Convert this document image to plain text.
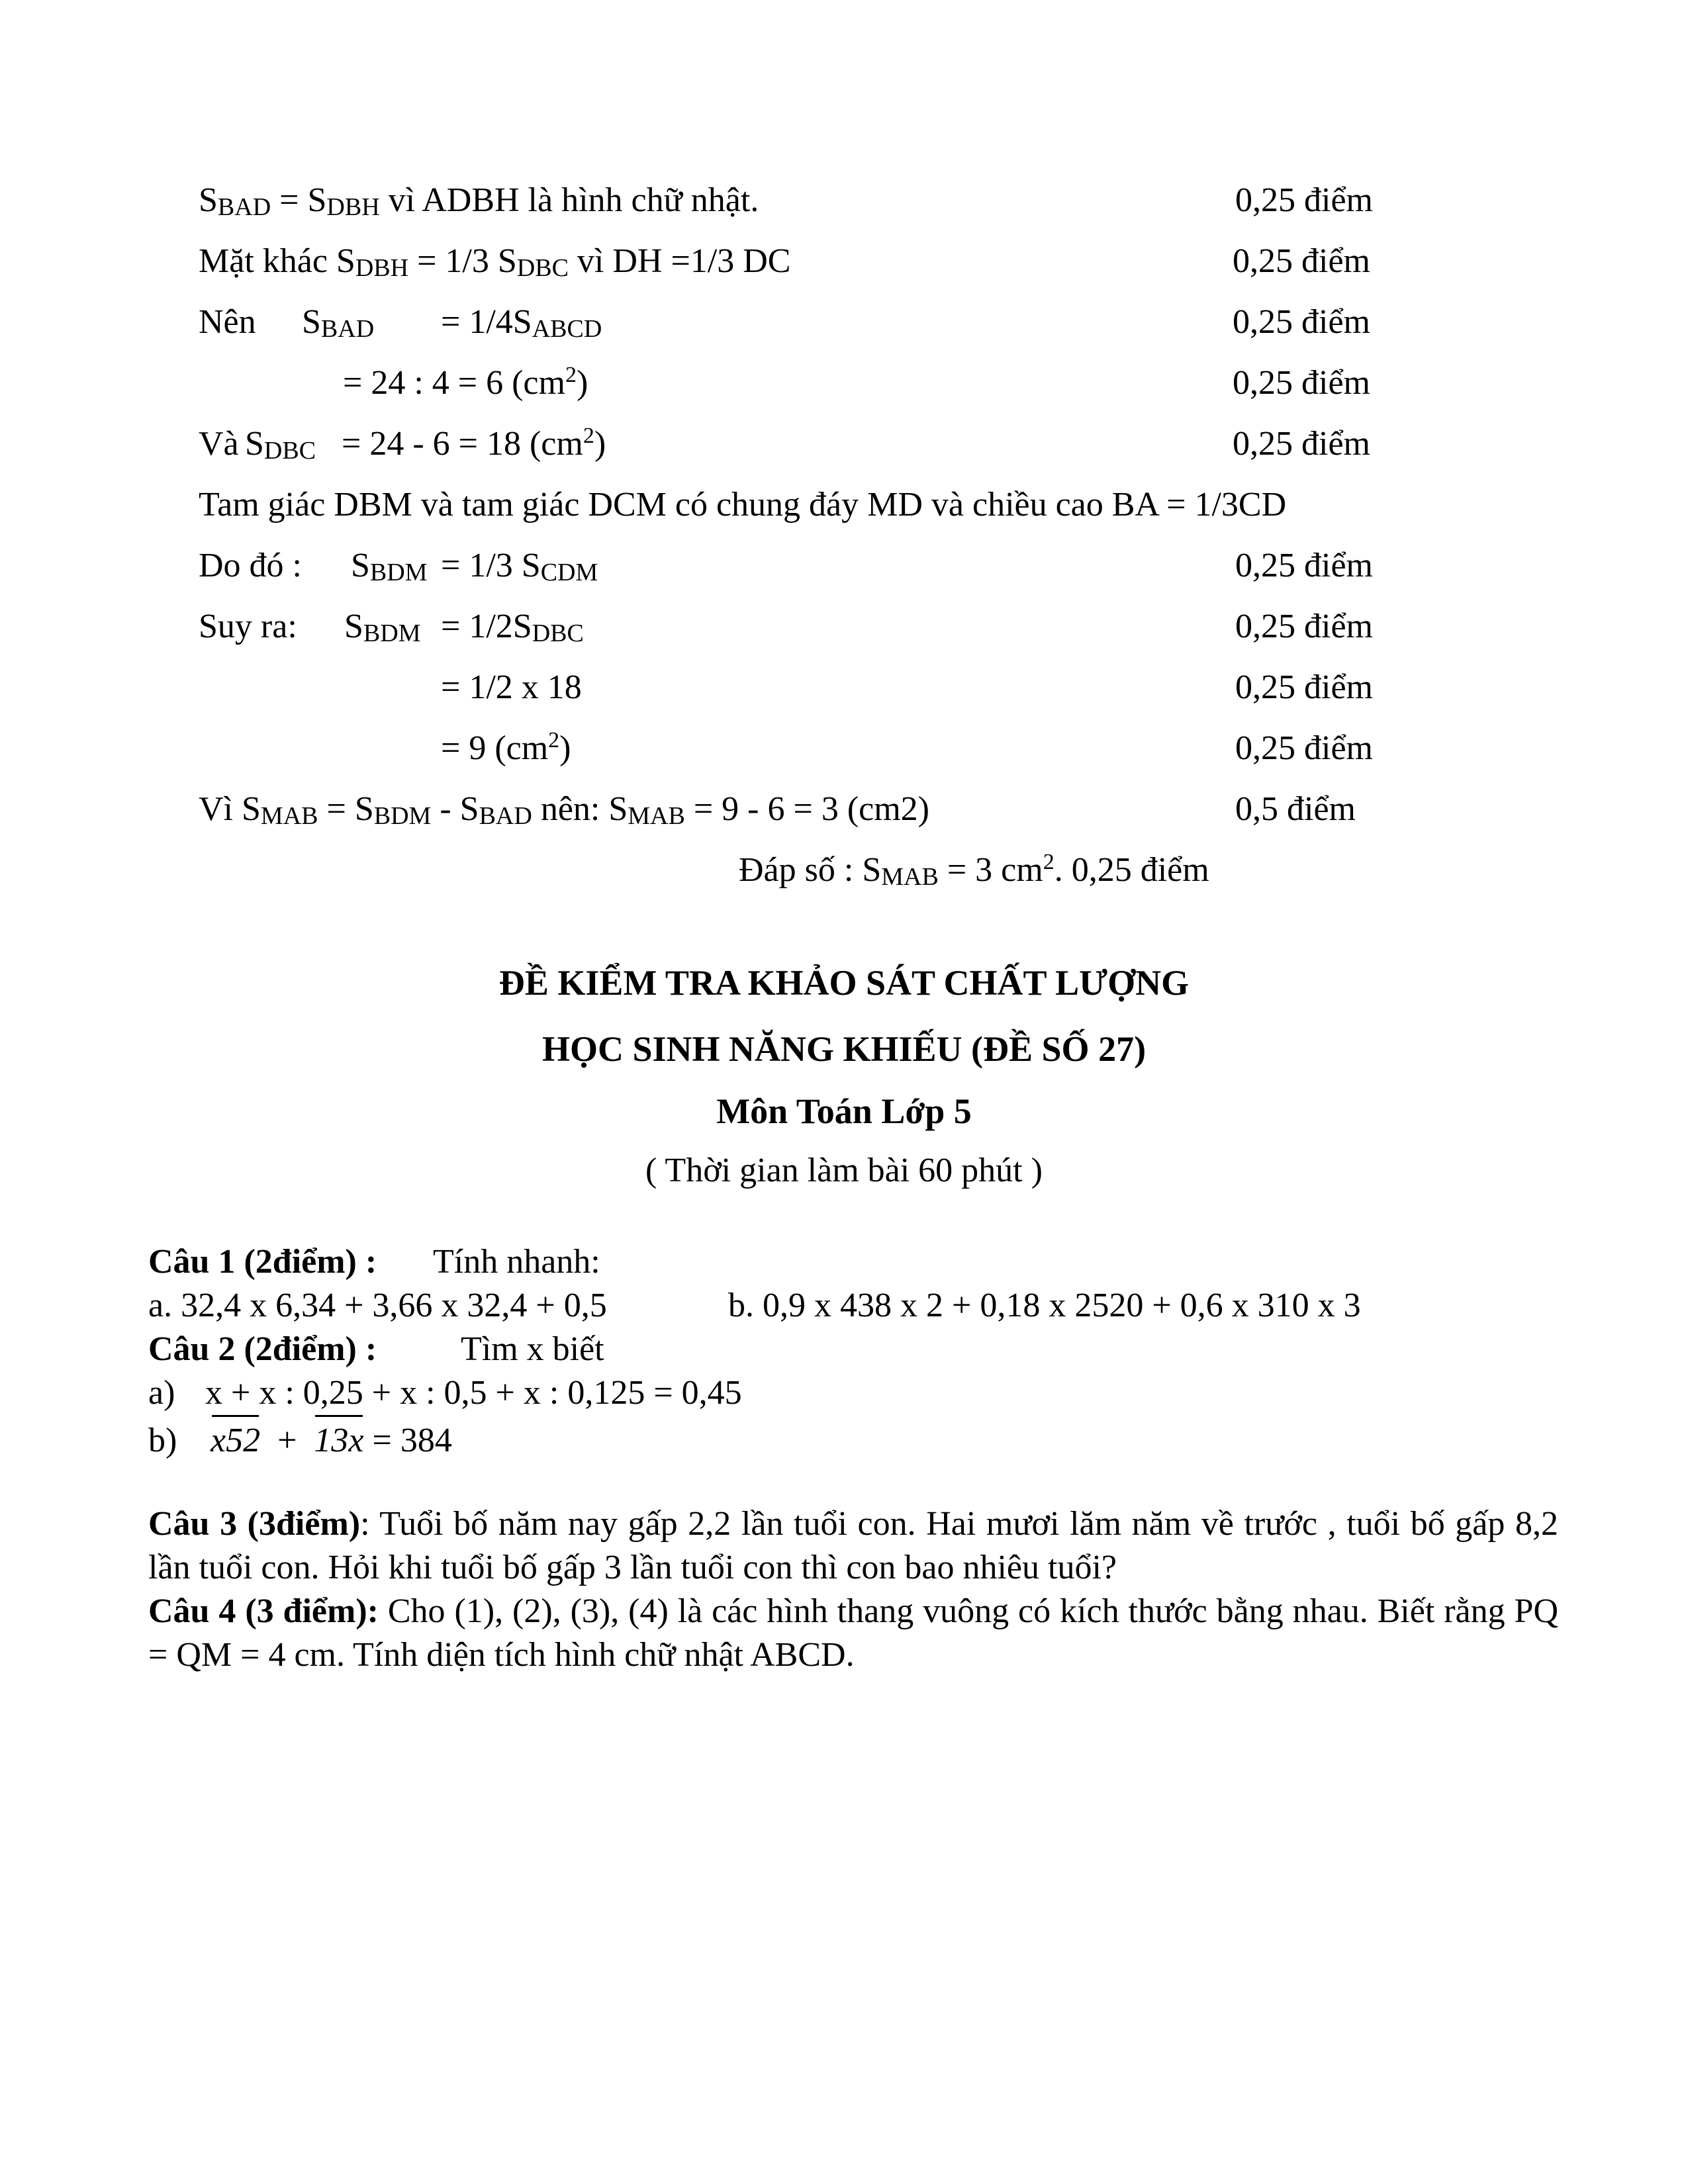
$S_{BAD} = S_{DBH}$ vì ADBH là hình chữ nhật.	0,25 điểm
Mặt khác $S_{DBH} = 1/3$ $S_{DBC}$ vì DH =1/3 DC	0,25 điểm
Nên $S_{BAD} = 1/4S_{ABCD}$	0,25 điểm
= 24 : 4 = 6 $(cm^2)$	0,25 điểm
Và $S_{DBC} = 24 - 6 = 18$ $(cm^2)$	0,25 điểm
Tam giác DBM và tam giác DCM có chung đáy MD và chiều cao BA = 1/3CD
Do đó : $S_{BDM} = 1/3$ $S_{CDM}$	0,25 điểm
Suy ra: $S_{BDM} = 1/2S_{DBC}$	0,25 điểm
= 1/2 x 18	0,25 điểm
= 9 $(cm^2)$	0,25 điểm
Vì $S_{MAB} = S_{BDM} - S_{BAD}$ nên: $S_{MAB} = 9 - 6 = 3$ (cm2)	0,5 điểm
Đáp số : $S_{MAB} = 3$ $cm^2$. 0,25 điểm
ĐỀ KIỂM TRA KHẢO SÁT CHẤT LƯỢNG
HỌC SINH NĂNG KHIẾU (ĐỀ SỐ 27)
Môn Toán Lớp 5
( Thời gian làm bài 60 phút )
Câu 1 (2điểm) : Tính nhanh:
a. 32,4 x 6,34 + 3,66 x 32,4 + 0,5	b. 0,9 x 438 x 2 + 0,18 x 2520 + 0,6 x 310 x 3
Câu 2 (2điểm) : Tìm x biết
a) x + x : 0,25 + x : 0,5 + x : 0,125 = 0,45
b) x52 + 13x = 384
Câu 3 (3điểm): Tuổi bố năm nay gấp 2,2 lần tuổi con. Hai mươi lăm năm về trước , tuổi bố gấp 8,2 lần tuổi con. Hỏi khi tuổi bố gấp 3 lần tuổi con thì con bao nhiêu tuổi?
Câu 4 (3 điểm): Cho (1), (2), (3), (4) là các hình thang vuông có kích thước bằng nhau. Biết rằng PQ = QM = 4 cm. Tính diện tích hình chữ nhật ABCD.
